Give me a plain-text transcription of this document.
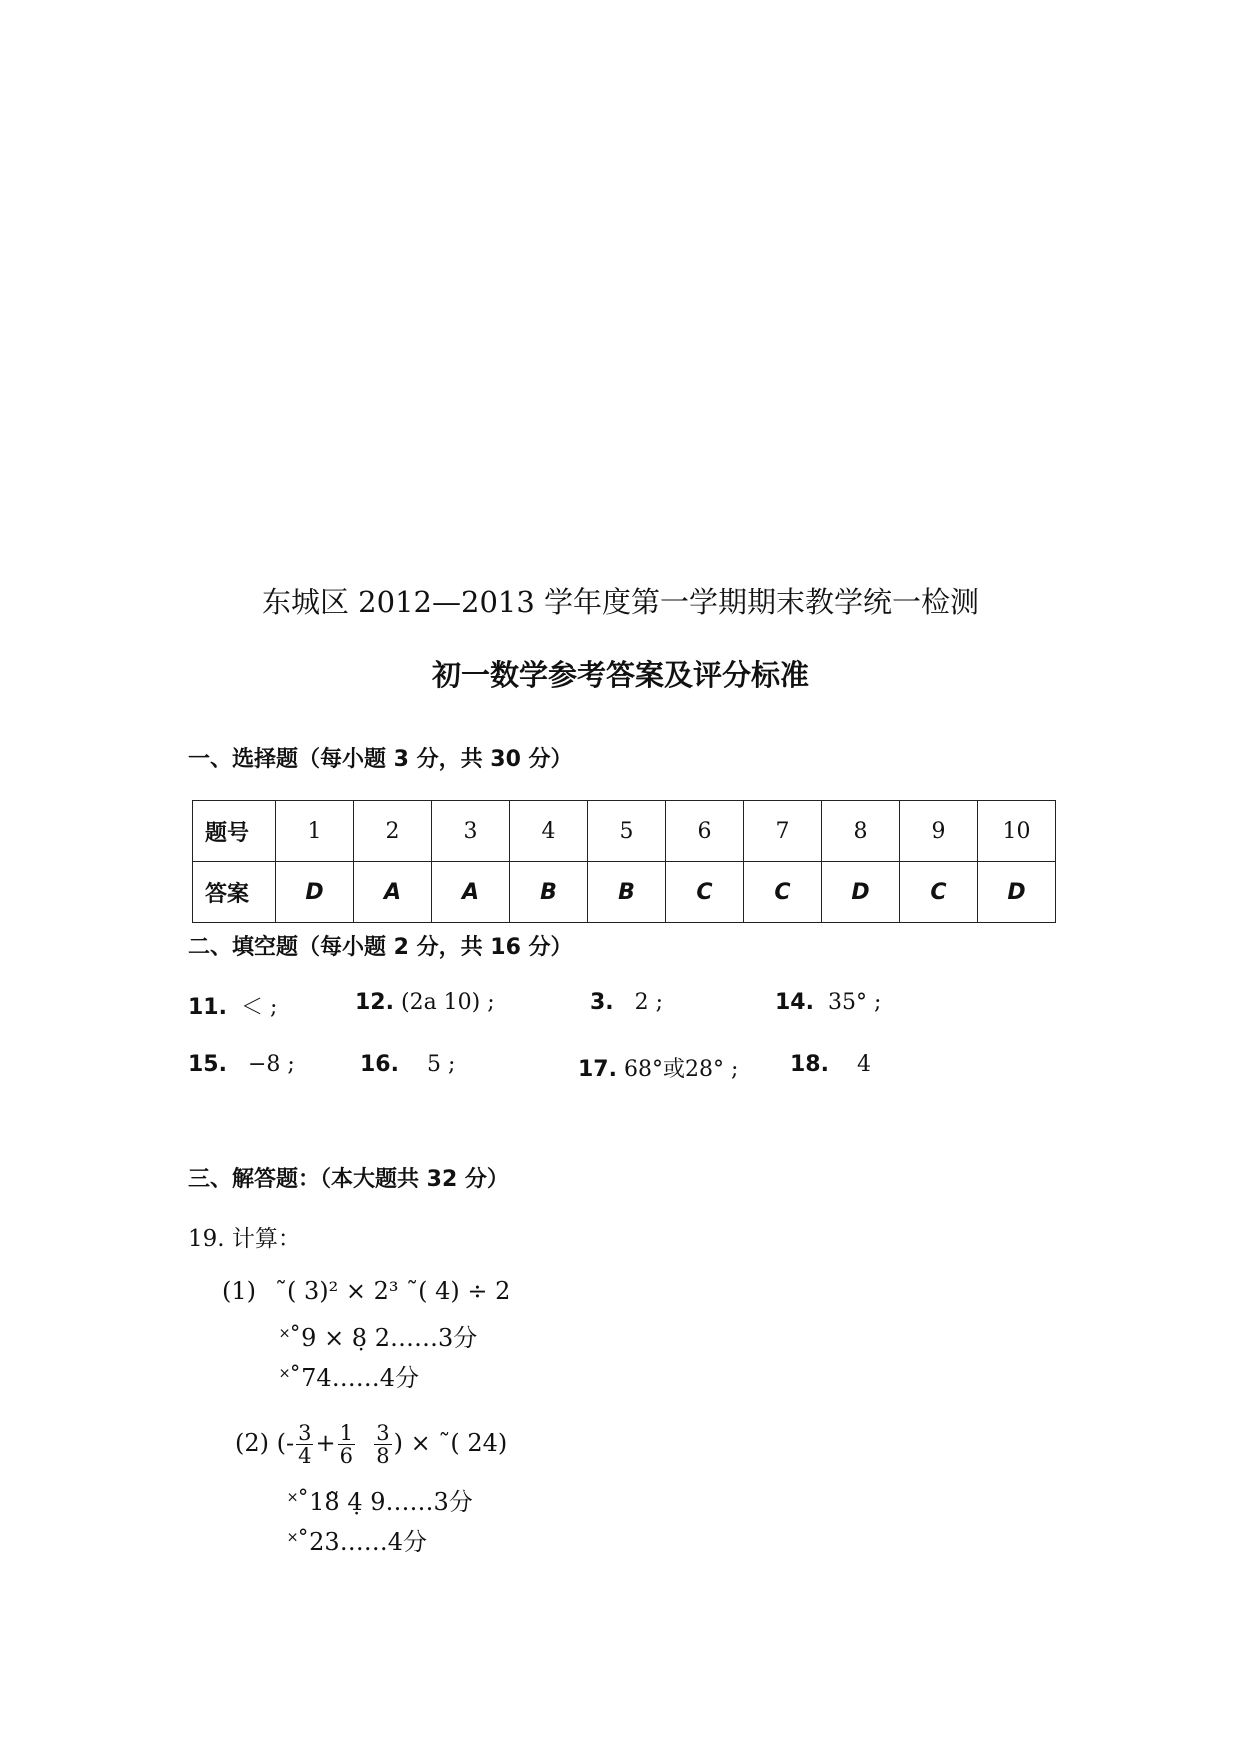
东城区 2012—2013 学年度第一学期期末教学统一检测
初一数学参考答案及评分标准
一、选择题（每小题 3 分，共 30 分）
题号	1	2	3	4	5	6	7	8	9	10
答案	D	A	A	B	B	C	C	D	C	D
二、填空题（每小题 2 分，共 16 分）
11. ＜ ;	12. (2a 10) ;	3. 2 ;	14. 35° ;
15. −8 ;	16. 5 ;	17. 68°或28° ; 18. 4
三、解答题：（本大题共 32 分）
19. 计算：
(1) ˜( 3)² × 2³ ˜( 4) ÷ 2
˟˚9 × 8̣ 2……3分
˟˚74……4分
(2) (- $\frac{3}{4} + \frac{1}{6}$
$\frac{3}{8}$ ) × ˜( 24)
˟˚18̃ 4̣ 9……3分
˟˚23……4分
